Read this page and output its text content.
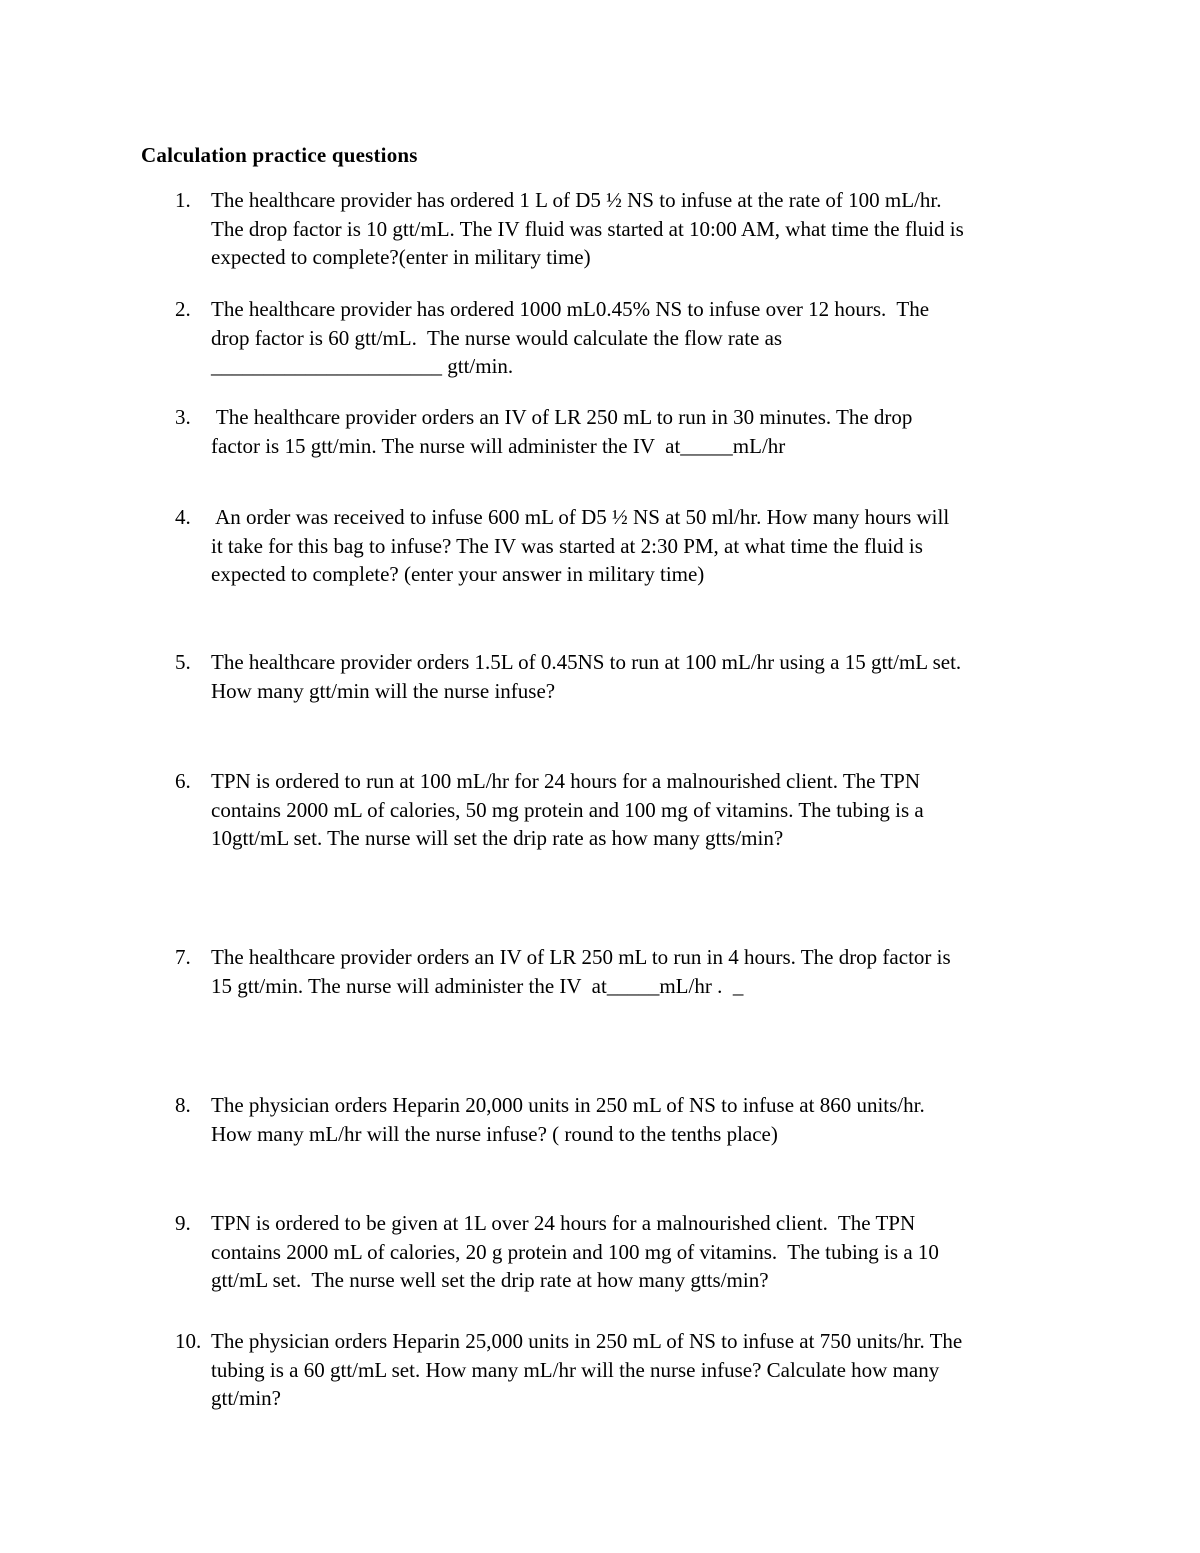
Calculation practice questions
1. The healthcare provider has ordered 1 L of D5 ½ NS to infuse at the rate of 100 mL/hr.
The drop factor is 10 gtt/mL. The IV fluid was started at 10:00 AM, what time the fluid is
expected to complete?(enter in military time)
2. The healthcare provider has ordered 1000 mL0.45% NS to infuse over 12 hours.  The
drop factor is 60 gtt/mL.  The nurse would calculate the flow rate as
______________________ gtt/min.
3. The healthcare provider orders an IV of LR 250 mL to run in 30 minutes. The drop
factor is 15 gtt/min. The nurse will administer the IV  at_____mL/hr
4. An order was received to infuse 600 mL of D5 ½ NS at 50 ml/hr. How many hours will
it take for this bag to infuse? The IV was started at 2:30 PM, at what time the fluid is
expected to complete? (enter your answer in military time)
5. The healthcare provider orders 1.5L of 0.45NS to run at 100 mL/hr using a 15 gtt/mL set.
How many gtt/min will the nurse infuse?
6. TPN is ordered to run at 100 mL/hr for 24 hours for a malnourished client. The TPN
contains 2000 mL of calories, 50 mg protein and 100 mg of vitamins. The tubing is a
10gtt/mL set. The nurse will set the drip rate as how many gtts/min?
7. The healthcare provider orders an IV of LR 250 mL to run in 4 hours. The drop factor is
15 gtt/min. The nurse will administer the IV  at_____mL/hr .  _
8. The physician orders Heparin 20,000 units in 250 mL of NS to infuse at 860 units/hr.
How many mL/hr will the nurse infuse? ( round to the tenths place)
9. TPN is ordered to be given at 1L over 24 hours for a malnourished client.  The TPN
contains 2000 mL of calories, 20 g protein and 100 mg of vitamins.  The tubing is a 10
gtt/mL set.  The nurse well set the drip rate at how many gtts/min?
10. The physician orders Heparin 25,000 units in 250 mL of NS to infuse at 750 units/hr. The
tubing is a 60 gtt/mL set. How many mL/hr will the nurse infuse? Calculate how many
gtt/min?
